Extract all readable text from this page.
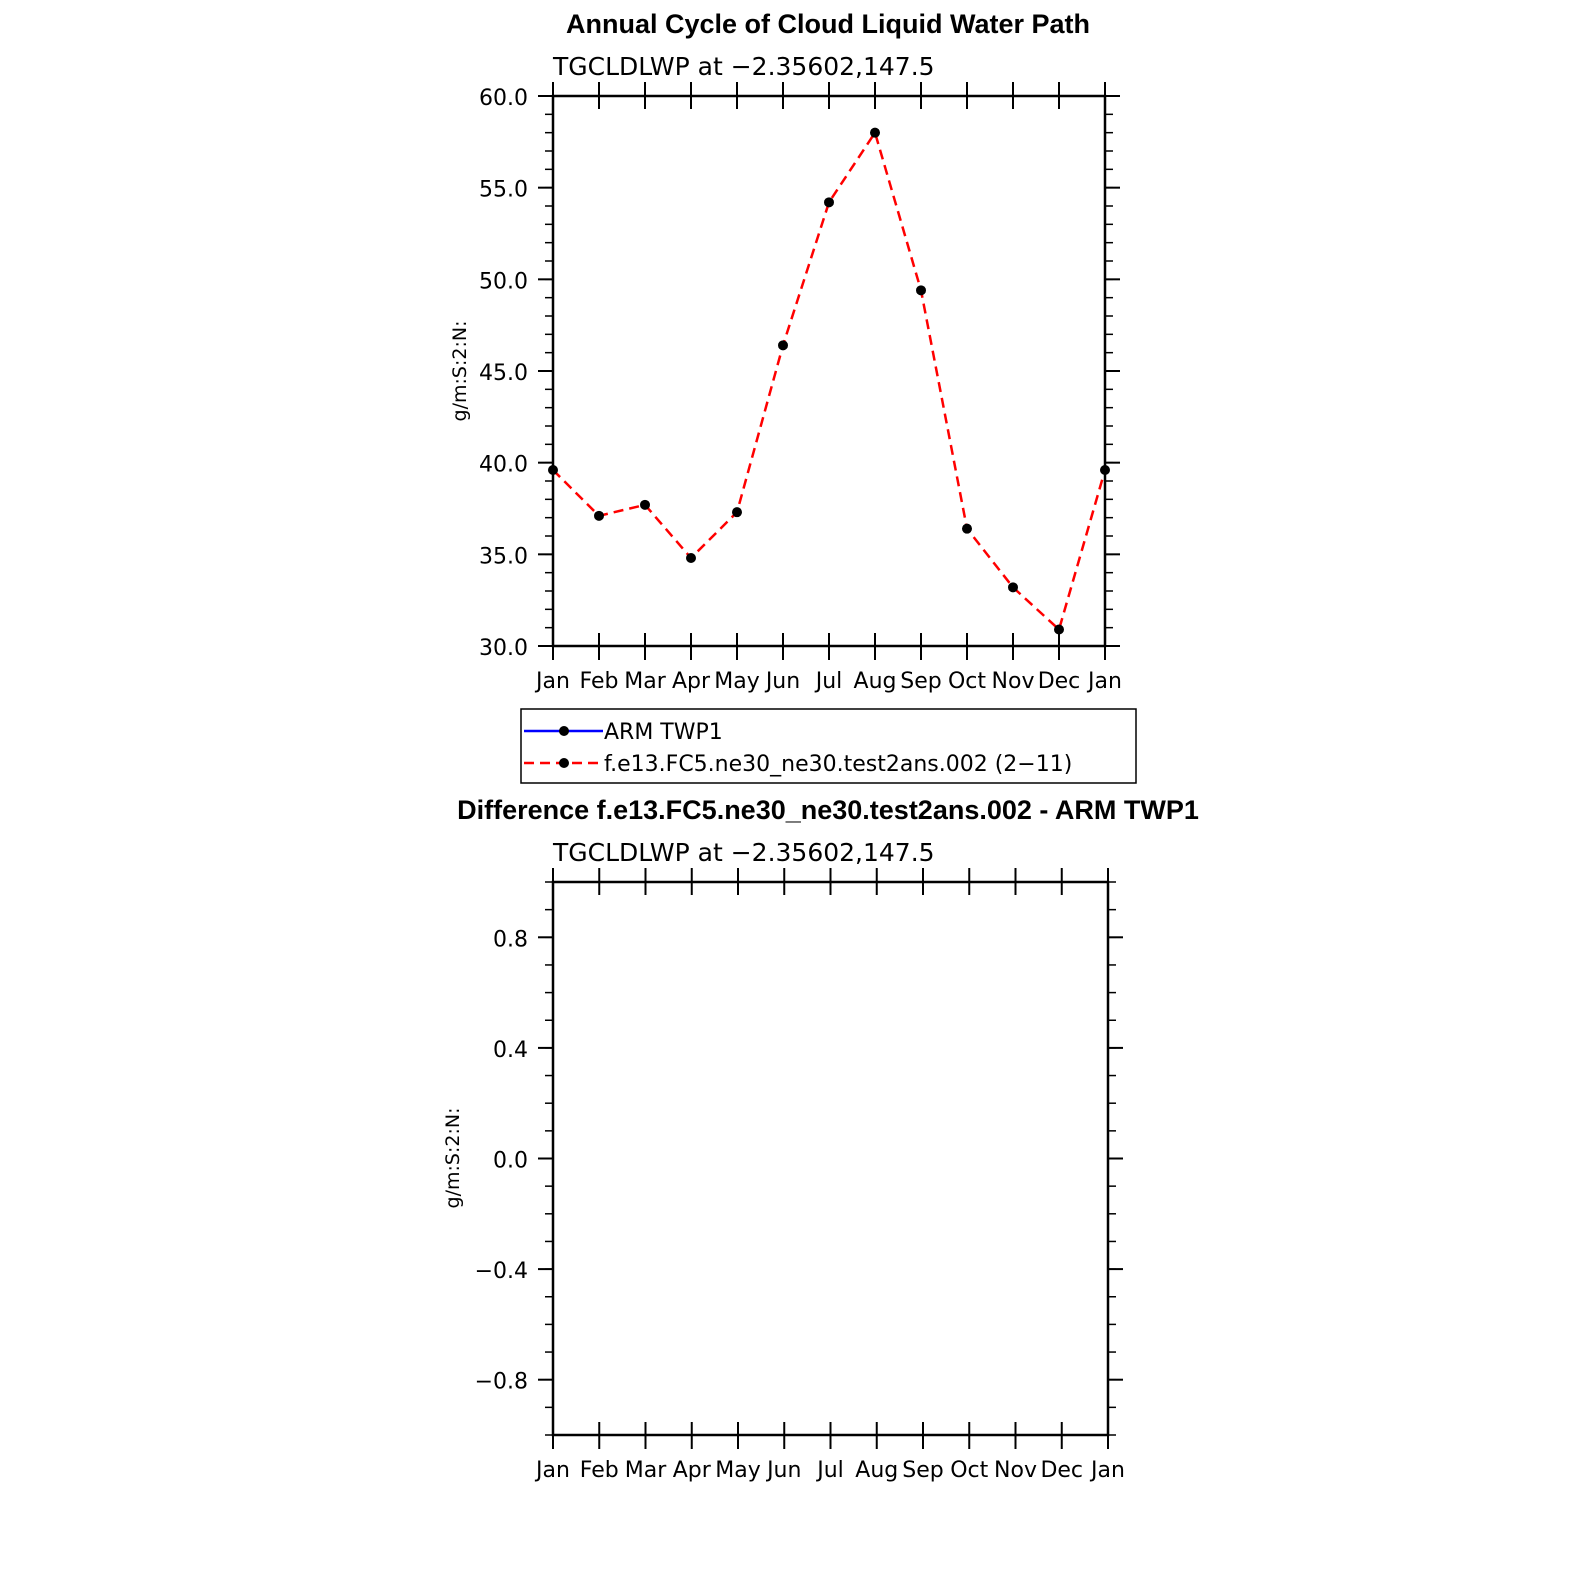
Annual Cycle of Cloud Liquid Water Path
TGCLDLWP at −2.35602,147.5
30.0
35.0
40.0
45.0
50.0
55.0
60.0
Jan Feb Mar Apr May Jun Jul Aug Sep Oct Nov Dec Jan
g/m:S:2:N:
ARM TWP1
f.e13.FC5.ne30_ne30.test2ans.002 (2−11)
Difference f.e13.FC5.ne30_ne30.test2ans.002 - ARM TWP1
TGCLDLWP at −2.35602,147.5
−0.8
−0.4
0.0
0.4
0.8
Jan Feb Mar Apr May Jun Jul Aug Sep Oct Nov Dec Jan
g/m:S:2:N:
